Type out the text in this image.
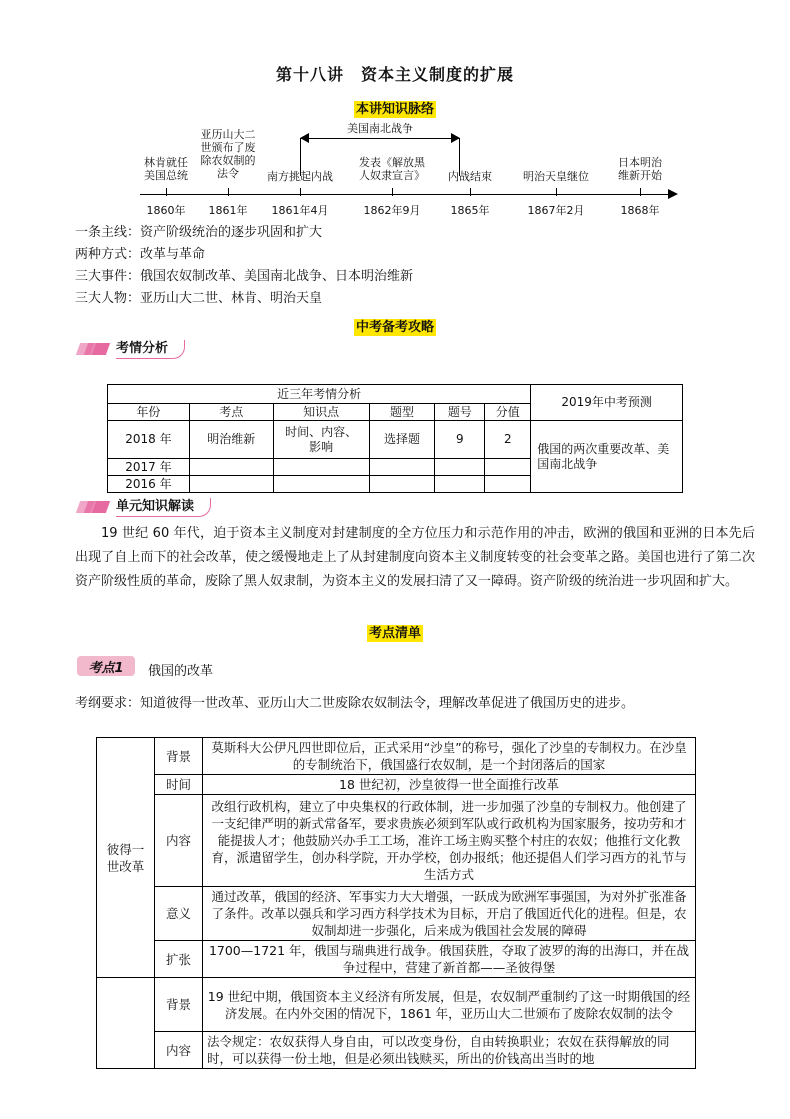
第十八讲　资本主义制度的扩展
本讲知识脉络
美国南北战争
1860年 1861年 1861年4月	1862年9月	1865年	1867年2月	1868年
林肯就任
美国总统
亚历山大二
世颁布了废
除农奴制的
法令	南方挑起内战
发表《解放黑
人奴隶宣言》 内战结束	明治天皇继位
日本明治
维新开始
一条主线：资产阶级统治的逐步巩固和扩大
两种方式：改革与革命
三大事件：俄国农奴制改革、美国南北战争、日本明治维新
三大人物：亚历山大二世、林肯、明治天皇
中考备考攻略
考情分析
近三年考情分析						2019年中考预测
年份	考点	知识点	题型	题号	分值	
2018 年	明治维新	时间、内容、影响	选择题	9	2	俄国的两次重要改革、美国南北战争
2017 年						
2016 年						
单元知识解读
19 世纪 60 年代，迫于资本主义制度对封建制度的全方位压力和示范作用的冲击，欧洲的俄国和亚洲的日本先后出现了自上而下的社会改革，使之缓慢地走上了从封建制度向资本主义制度转变的社会变革之路。美国也进行了第二次资产阶级性质的革命，废除了黑人奴隶制，为资本主义的发展扫清了又一障碍。资产阶级的统治进一步巩固和扩大。
考点清单
考点1	俄国的改革
考纲要求：知道彼得一世改革、亚历山大二世废除农奴制法令，理解改革促进了俄国历史的进步。
彼得一
世改革	背景	莫斯科大公伊凡四世即位后，正式采用“沙皇”的称号，强化了沙皇的专制权力。在沙皇的专制统治下，俄国盛行农奴制，是一个封闭落后的国家
	时间	18 世纪初，沙皇彼得一世全面推行改革
	内容	改组行政机构，建立了中央集权的行政体制，进一步加强了沙皇的专制权力。他创建了一支纪律严明的新式常备军，要求贵族必须到军队或行政机构为国家服务，按功劳和才能提拔人才；他鼓励兴办手工工场，准许工场主购买整个村庄的农奴；他推行文化教育，派遣留学生，创办科学院，开办学校，创办报纸；他还提倡人们学习西方的礼节与生活方式
	意义	通过改革，俄国的经济、军事实力大大增强，一跃成为欧洲军事强国，为对外扩张准备了条件。改革以强兵和学习西方科学技术为目标，开启了俄国近代化的进程。但是，农奴制却进一步强化，后来成为俄国社会发展的障碍
	扩张	1700—1721 年，俄国与瑞典进行战争。俄国获胜，夺取了波罗的海的出海口，并在战争过程中，营建了新首都——圣彼得堡
	背景	19 世纪中期，俄国资本主义经济有所发展，但是，农奴制严重制约了这一时期俄国的经济发展。在内外交困的情况下，1861 年，亚历山大二世颁布了废除农奴制的法令
	内容	法令规定：农奴获得人身自由，可以改变身份，自由转换职业；农奴在获得解放的同时，可以获得一份土地，但是必须出钱赎买，所出的价钱高出当时的地
